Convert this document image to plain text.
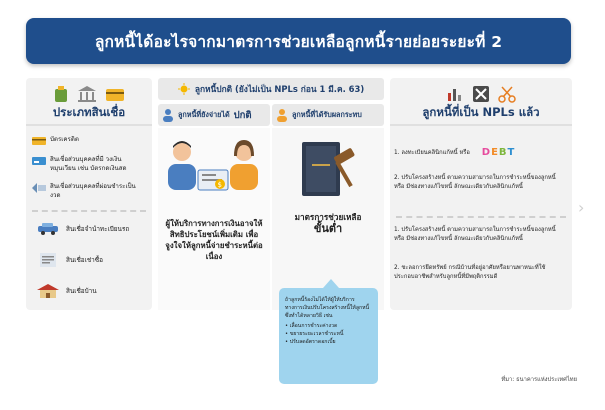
ลูกหนี้ได้อะไรจากมาตรการช่วยเหลือลูกหนี้รายย่อยระยะที่ 2
ประเภทสินเชื่อ
บัตรเครดิต
สินเชื่อส่วนบุคคลที่มี วงเงินหมุนเวียน เช่น บัตรกดเงินสด
สินเชื่อส่วนบุคคลที่ผ่อนชำระเป็นงวด
สินเชื่อจำนำทะเบียนรถ
สินเชื่อเช่าซื้อ
สินเชื่อบ้าน
ลูกหนี้ปกติ (ยังไม่เป็น NPLs ก่อน 1 มี.ค. 63)
ลูกหนี้ที่ยังจ่ายได้ ปกติ	ลูกหนี้ที่ได้รับผลกระทบ
$
ผู้ให้บริการทางการเงินอาจให้สิทธิประโยชน์เพิ่มเติม เพื่อจูงใจให้ลูกหนี้จ่ายชำระหนี้ต่อเนื่อง
มาตรการช่วยเหลือ
ขั้นต่ำ
ถ้าลูกหนี้ร้องไม่ได้ให้ผู้ให้บริการทางการเงินปรับโครงสร้างหนี้ให้ลูกหนี้ ซึ่งทำได้หลายวิธี เช่น
• เลื่อนการชำระค่างวด
• ขยายระยะเวลาชำระหนี้
• ปรับลดอัตราดอกเบี้ย
ลูกหนี้ที่เป็น NPLs แล้ว
1. ลงทะเบียนคลินิกแก้หนี้ หรือ DEBT
2. ปรับโครงสร้างหนี้ ตามความสามารถในการชำระหนี้ของลูกหนี้ หรือ มีช่องทางแก้ไขหนี้ ลักษณะเดียวกับคลินิกแก้หนี้
1. ปรับโครงสร้างหนี้ ตามความสามารถในการชำระหนี้ของลูกหนี้ หรือ มีช่องทางแก้ไขหนี้ ลักษณะเดียวกับคลินิกแก้หนี้
2. ชะลอการยึดทรัพย์ กรณีบ้านที่อยู่อาศัยหรือยานพาหนะที่ใช้ประกอบอาชีพสำหรับลูกหนี้ที่มีพฤติกรรมดี
›
ที่มา: ธนาคารแห่งประเทศไทย
